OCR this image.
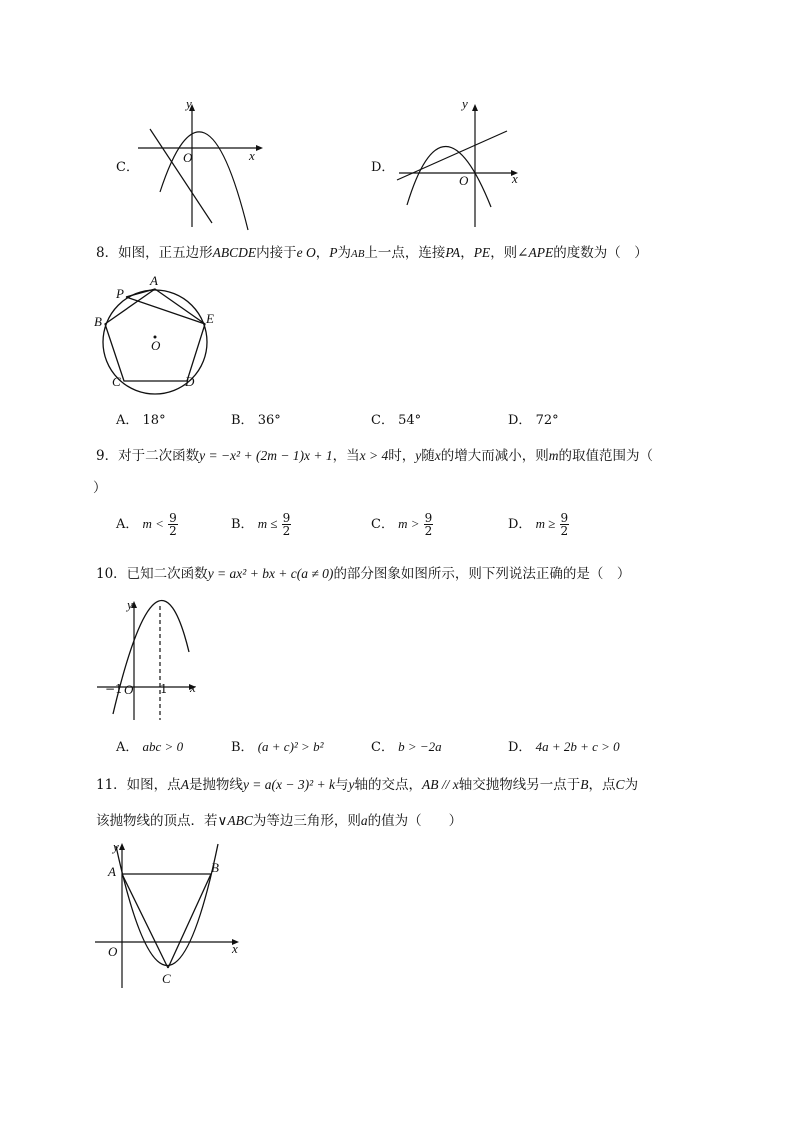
C．
y
x
O
D．
y
x
O
8．如图，正五边形ABCDE内接于e O，P为AB上一点，连接PA，PE，则∠APE的度数为（　）
A
P
B	E
O
C	D
A． 18°	B． 36°	C． 54°	D． 72°
9．对于二次函数y = −x² + (2m − 1)x + 1，当x > 4时，y随x的增大而减小，则m的取值范围为（
）
A． $m < \frac{9}{2}$	B． $m \le \frac{9}{2}$	C． $m > \frac{9}{2}$	D． $m \ge \frac{9}{2}$
10．已知二次函数y = ax² + bx + c(a ≠ 0)的部分图象如图所示，则下列说法正确的是（　）
y
x
O
−1	1
A． abc > 0	B． (a + c)² > b²	C． b > −2a	D． 4a + 2b + c > 0
11．如图，点A是抛物线y = a(x − 3)² + k与y轴的交点，AB // x轴交抛物线另一点于B，点C为
该抛物线的顶点．若∨ABC为等边三角形，则a的值为（　　）
y
x
O
A	B
C
